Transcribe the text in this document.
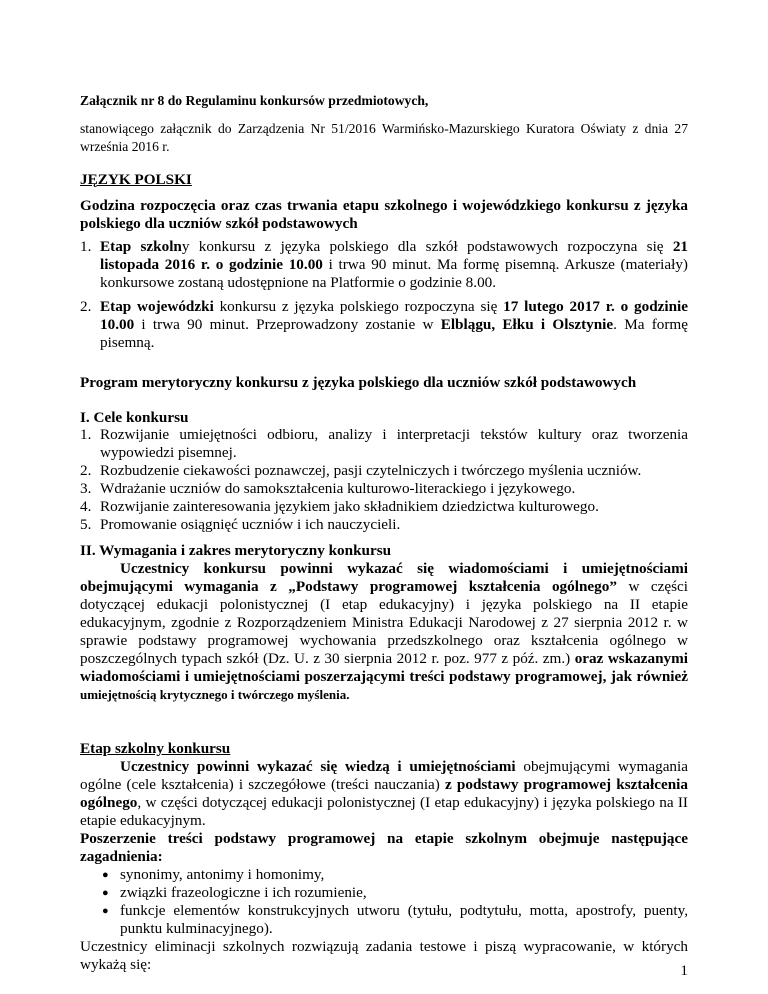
Załącznik nr 8 do Regulaminu konkursów przedmiotowych,

stanowiącego załącznik do Zarządzenia Nr 51/2016 Warmińsko-Mazurskiego Kuratora Oświaty z dnia 27 września 2016 r.

JĘZYK POLSKI

Godzina rozpoczęcia oraz czas trwania etapu szkolnego i wojewódzkiego konkursu z języka polskiego dla uczniów szkół podstawowych

1. Etap szkolny konkursu z języka polskiego dla szkół podstawowych rozpoczyna się 21 listopada 2016 r. o godzinie 10.00 i trwa 90 minut. Ma formę pisemną. Arkusze (materiały) konkursowe zostaną udostępnione na Platformie o godzinie 8.00.
2. Etap wojewódzki konkursu z języka polskiego rozpoczyna się 17 lutego 2017 r. o godzinie 10.00 i trwa 90 minut. Przeprowadzony zostanie w Elblągu, Ełku i Olsztynie. Ma formę pisemną.

Program merytoryczny konkursu z języka polskiego dla uczniów szkół podstawowych

I. Cele konkursu

1. Rozwijanie umiejętności odbioru, analizy i interpretacji tekstów kultury oraz tworzenia wypowiedzi pisemnej.
2. Rozbudzenie ciekawości poznawczej, pasji czytelniczych i twórczego myślenia uczniów.
3. Wdrażanie uczniów do samokształcenia kulturowo-literackiego i językowego.
4. Rozwijanie zainteresowania językiem jako składnikiem dziedzictwa kulturowego.
5. Promowanie osiągnięć uczniów i ich nauczycieli.

II. Wymagania i zakres merytoryczny konkursu

Uczestnicy konkursu powinni wykazać się wiadomościami i umiejętnościami obejmującymi wymagania z „Podstawy programowej kształcenia ogólnego” w części dotyczącej edukacji polonistycznej (I etap edukacyjny) i języka polskiego na II etapie edukacyjnym, zgodnie z Rozporządzeniem Ministra Edukacji Narodowej z 27 sierpnia 2012 r. w sprawie podstawy programowej wychowania przedszkolnego oraz kształcenia ogólnego w poszczególnych typach szkół (Dz. U. z 30 sierpnia 2012 r. poz. 977 z póź. zm.) oraz wskazanymi wiadomościami i umiejętnościami poszerzającymi treści podstawy programowej, jak również umiejętnością krytycznego i twórczego myślenia.

Etap szkolny konkursu

Uczestnicy powinni wykazać się wiedzą i umiejętnościami obejmującymi wymagania ogólne (cele kształcenia) i szczegółowe (treści nauczania) z podstawy programowej kształcenia ogólnego, w części dotyczącej edukacji polonistycznej (I etap edukacyjny) i języka polskiego na II etapie edukacyjnym.

Poszerzenie treści podstawy programowej na etapie szkolnym obejmuje następujące zagadnienia:

● synonimy, antonimy i homonimy,
● związki frazeologiczne i ich rozumienie,
● funkcje elementów konstrukcyjnych utworu (tytułu, podtytułu, motta, apostrofy, puenty, punktu kulminacyjnego).

Uczestnicy eliminacji szkolnych rozwiązują zadania testowe i piszą wypracowanie, w których wykażą się:	1
